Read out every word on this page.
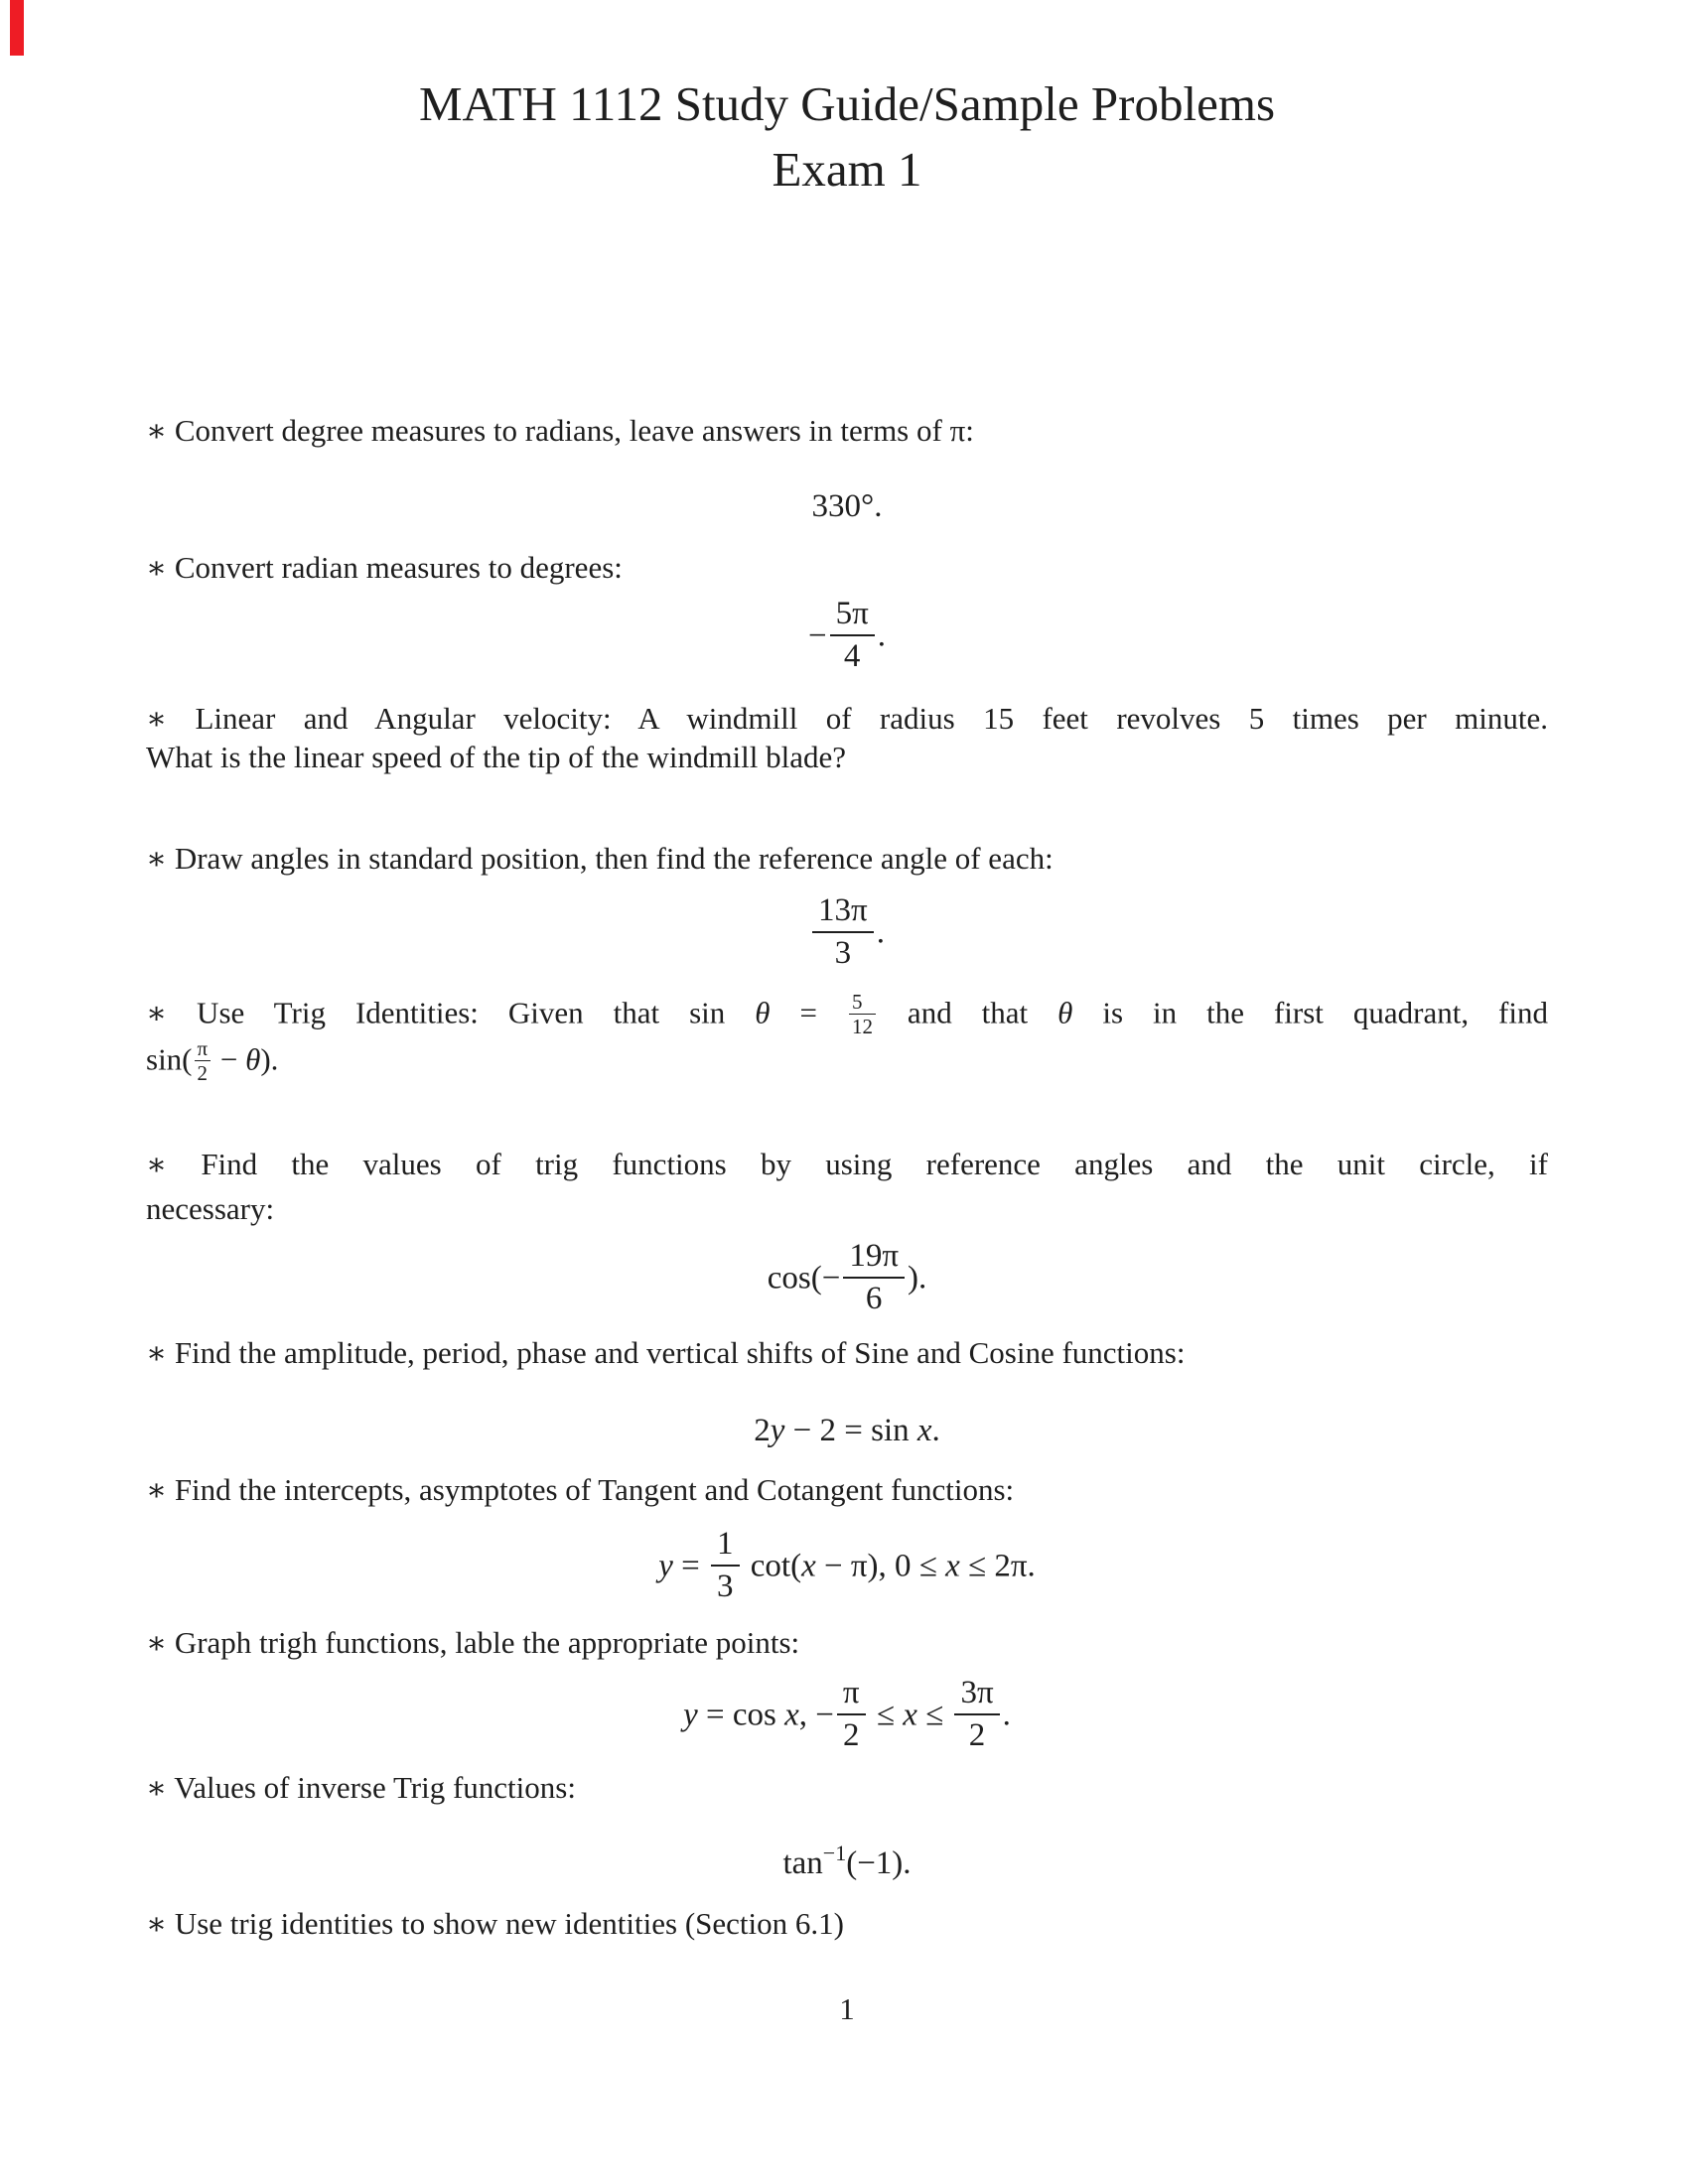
MATH 1112 Study Guide/Sample Problems
Exam 1
∗ Convert degree measures to radians, leave answers in terms of π:
330°.
∗ Convert radian measures to degrees:
− $\frac{5\pi}{4}$ .
∗ Linear and Angular velocity: A windmill of radius 15 feet revolves 5 times per minute.
What is the linear speed of the tip of the windmill blade?
∗ Draw angles in standard position, then find the reference angle of each:
$\frac{13\pi}{3}$ .
∗ Use Trig Identities: Given that $\sin \theta = \frac{5}{12}$ and that θ is in the first quadrant, find
$\sin( \frac{\pi}{2} - \theta)$.
∗ Find the values of trig functions by using reference angles and the unit circle, if
necessary:
$\cos(- \frac{19\pi}{6}$ ).
∗ Find the amplitude, period, phase and vertical shifts of Sine and Cosine functions:
2y − 2 = sin x.
∗ Find the intercepts, asymptotes of Tangent and Cotangent functions:
$y = \frac{1}{3} \cot(x - \pi)$, 0 ≤ x ≤ 2π.
∗ Graph trigh functions, lable the appropriate points:
y = cos x, − $\frac{\pi}{2} \le x \le \frac{3\pi}{2}$ .
∗ Values of inverse Trig functions:
$\tan^{-1}(-1)$.
∗ Use trig identities to show new identities (Section 6.1)
1
